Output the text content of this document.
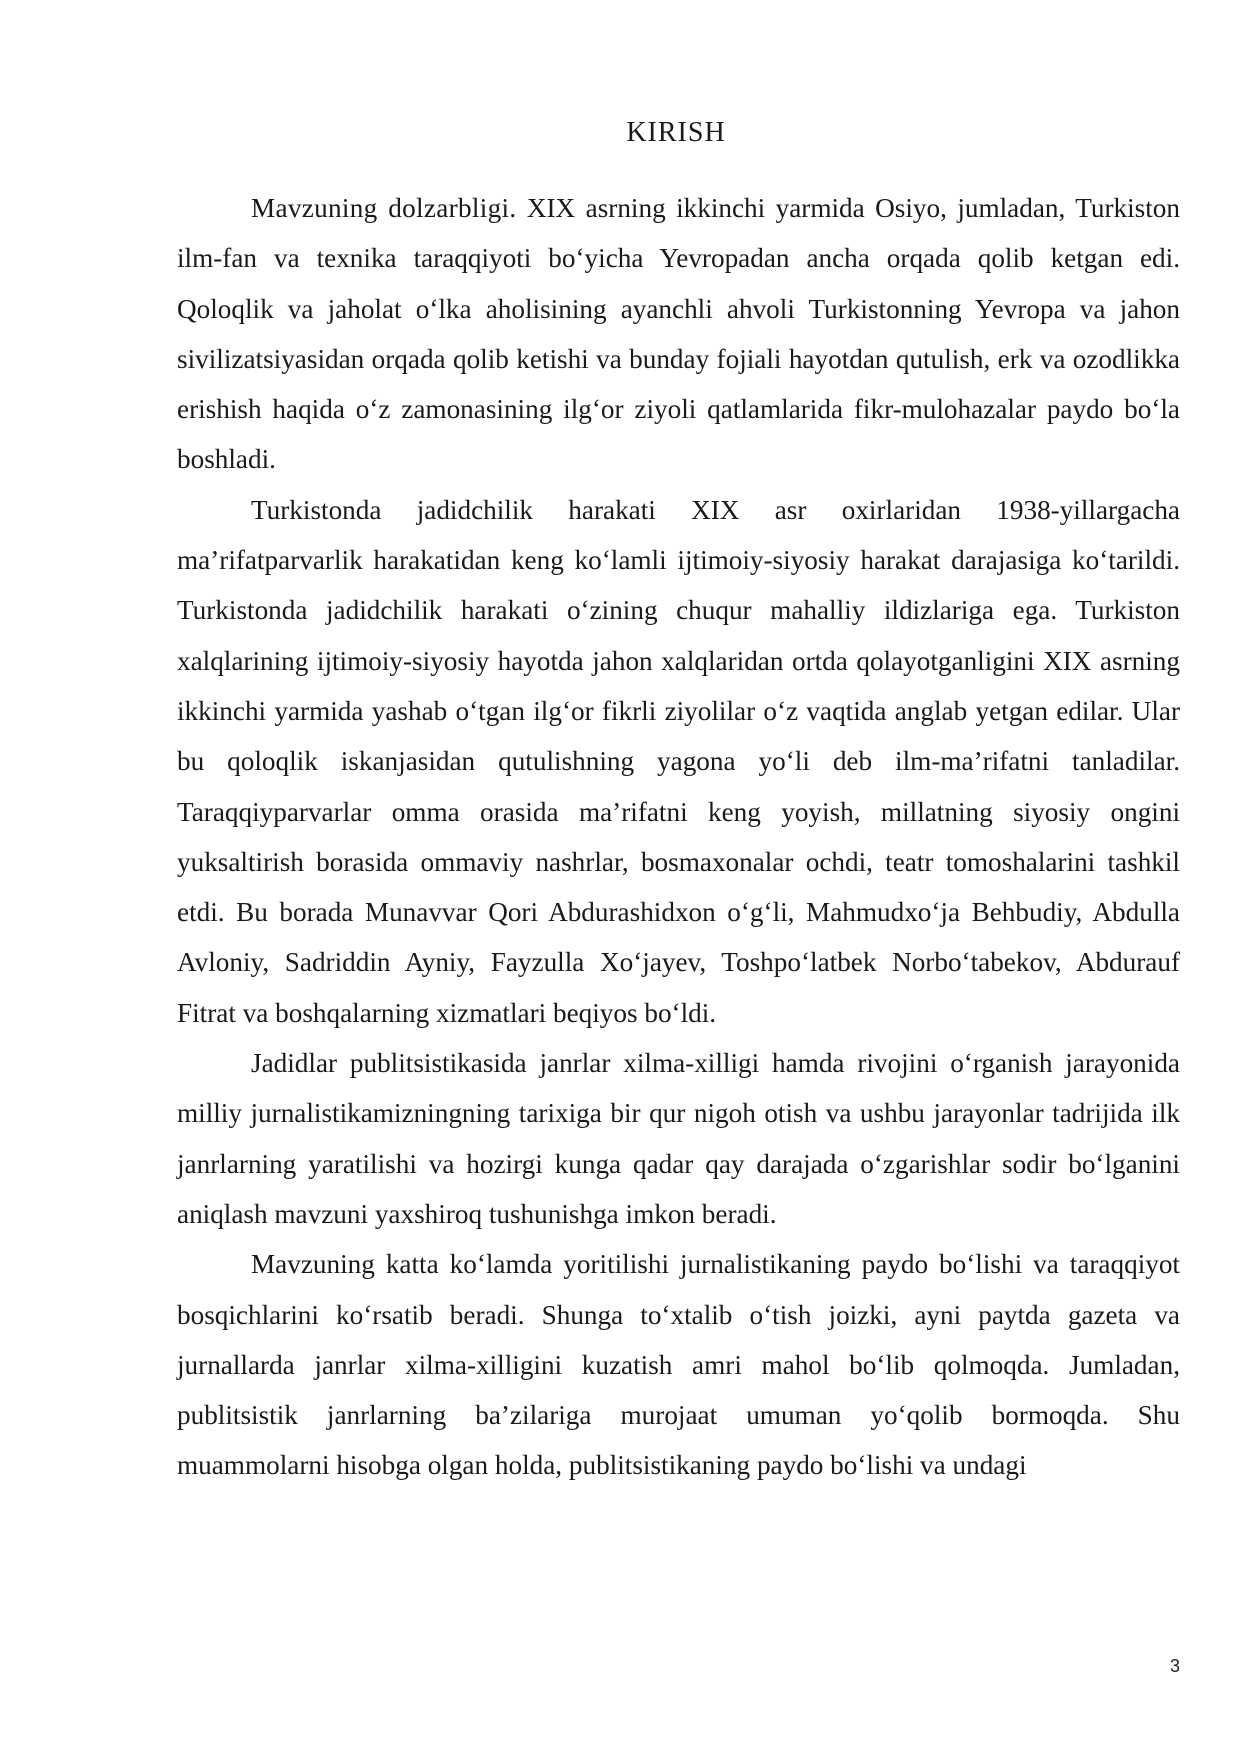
KIRISH

Mavzuning dolzarbligi. XIX asrning ikkinchi yarmida Osiyo, jumladan, Turkiston ilm-fan va texnika taraqqiyoti bo‘yicha Yevropadan ancha orqada qolib ketgan edi. Qoloqlik va jaholat o‘lka aholisining ayanchli ahvoli Turkistonning Yevropa va jahon sivilizatsiyasidan orqada qolib ketishi va bunday fojiali hayotdan qutulish, erk va ozodlikka erishish haqida o‘z zamonasining ilg‘or ziyoli qatlamlarida fikr-mulohazalar paydo bo‘la boshladi.

Turkistonda jadidchilik harakati XIX asr oxirlaridan 1938-yillargacha ma’rifatparvarlik harakatidan keng ko‘lamli ijtimoiy-siyosiy harakat darajasiga ko‘tarildi. Turkistonda jadidchilik harakati o‘zining chuqur mahalliy ildizlariga ega. Turkiston xalqlarining ijtimoiy-siyosiy hayotda jahon xalqlaridan ortda qolayotganligini XIX asrning ikkinchi yarmida yashab o‘tgan ilg‘or fikrli ziyolilar o‘z vaqtida anglab yetgan edilar. Ular bu qoloqlik iskanjasidan qutulishning yagona yo‘li deb ilm-ma’rifatni tanladilar. Taraqqiyparvarlar omma orasida ma’rifatni keng yoyish, millatning siyosiy ongini yuksaltirish borasida ommaviy nashrlar, bosmaxonalar ochdi, teatr tomoshalarini tashkil etdi. Bu borada Munavvar Qori Abdurashidxon o‘g‘li, Mahmudxo‘ja Behbudiy, Abdulla Avloniy, Sadriddin Ayniy, Fayzulla Xo‘jayev, Toshpo‘latbek Norbo‘tabekov, Abdurauf Fitrat va boshqalarning xizmatlari beqiyos bo‘ldi.

Jadidlar publitsistikasida janrlar xilma-xilligi hamda rivojini o‘rganish jarayonida milliy jurnalistikamizningning tarixiga bir qur nigoh otish va ushbu jarayonlar tadrijida ilk janrlarning yaratilishi va hozirgi kunga qadar qay darajada o‘zgarishlar sodir bo‘lganini aniqlash mavzuni yaxshiroq tushunishga imkon beradi.

Mavzuning katta ko‘lamda yoritilishi jurnalistikaning paydo bo‘lishi va taraqqiyot bosqichlarini ko‘rsatib beradi. Shunga to‘xtalib o‘tish joizki, ayni paytda gazeta va jurnallarda janrlar xilma-xilligini kuzatish amri mahol bo‘lib qolmoqda. Jumladan, publitsistik janrlarning ba’zilariga murojaat umuman yo‘qolib bormoqda. Shu muammolarni hisobga olgan holda, publitsistikaning paydo bo‘lishi va undagi

3
